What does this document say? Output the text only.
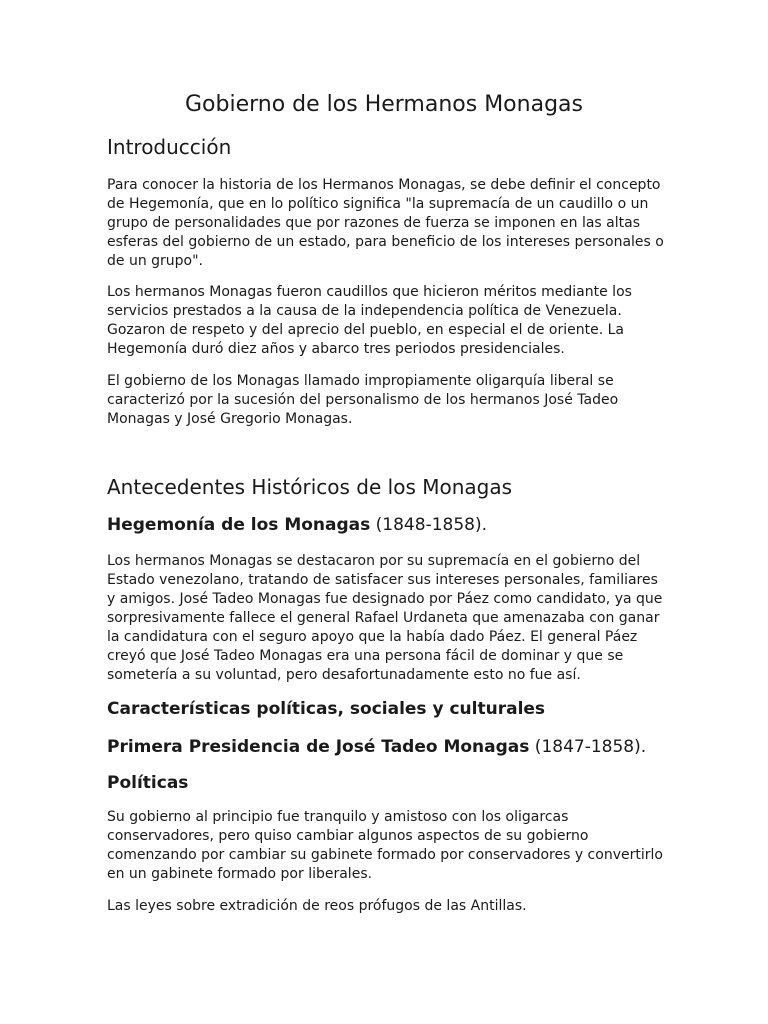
Gobierno de los Hermanos Monagas
Introducción

Para conocer la historia de los Hermanos Monagas, se debe definir el concepto
de Hegemonía, que en lo político significa "la supremacía de un caudillo o un
grupo de personalidades que por razones de fuerza se imponen en las altas
esferas del gobierno de un estado, para beneficio de los intereses personales o
de un grupo".

Los hermanos Monagas fueron caudillos que hicieron méritos mediante los
servicios prestados a la causa de la independencia política de Venezuela.
Gozaron de respeto y del aprecio del pueblo, en especial el de oriente. La
Hegemonía duró diez años y abarco tres periodos presidenciales.

El gobierno de los Monagas llamado impropiamente oligarquía liberal se
caracterizó por la sucesión del personalismo de los hermanos José Tadeo
Monagas y José Gregorio Monagas.

Antecedentes Históricos de los Monagas
Hegemonía de los Monagas (1848-1858).

Los hermanos Monagas se destacaron por su supremacía en el gobierno del
Estado venezolano, tratando de satisfacer sus intereses personales, familiares
y amigos. José Tadeo Monagas fue designado por Páez como candidato, ya que
sorpresivamente fallece el general Rafael Urdaneta que amenazaba con ganar
la candidatura con el seguro apoyo que la había dado Páez. El general Páez
creyó que José Tadeo Monagas era una persona fácil de dominar y que se
sometería a su voluntad, pero desafortunadamente esto no fue así.

Características políticas, sociales y culturales
Primera Presidencia de José Tadeo Monagas (1847-1858).
Políticas

Su gobierno al principio fue tranquilo y amistoso con los oligarcas
conservadores, pero quiso cambiar algunos aspectos de su gobierno
comenzando por cambiar su gabinete formado por conservadores y convertirlo
en un gabinete formado por liberales.

Las leyes sobre extradición de reos prófugos de las Antillas.
